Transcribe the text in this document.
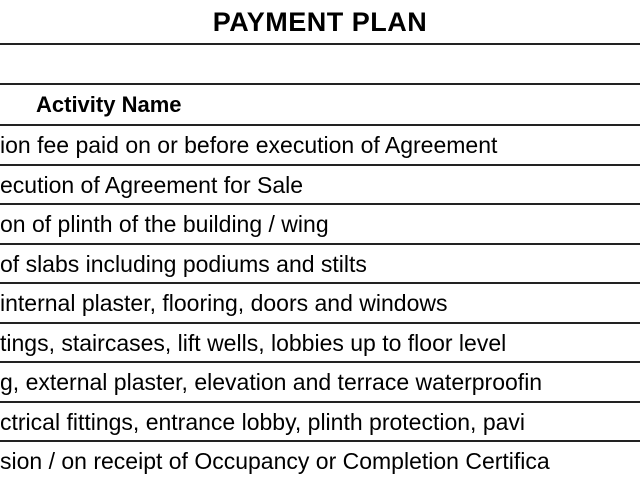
PAYMENT PLAN
Activity Name
ion fee paid on or before execution of Agreement
ecution of Agreement for Sale
on of plinth of the building / wing
of slabs including podiums and stilts
internal plaster, flooring, doors and windows
tings, staircases, lift wells, lobbies up to floor level
g, external plaster, elevation and terrace waterproofin
ctrical fittings, entrance lobby, plinth protection, pavi
sion / on receipt of Occupancy or Completion Certifica
